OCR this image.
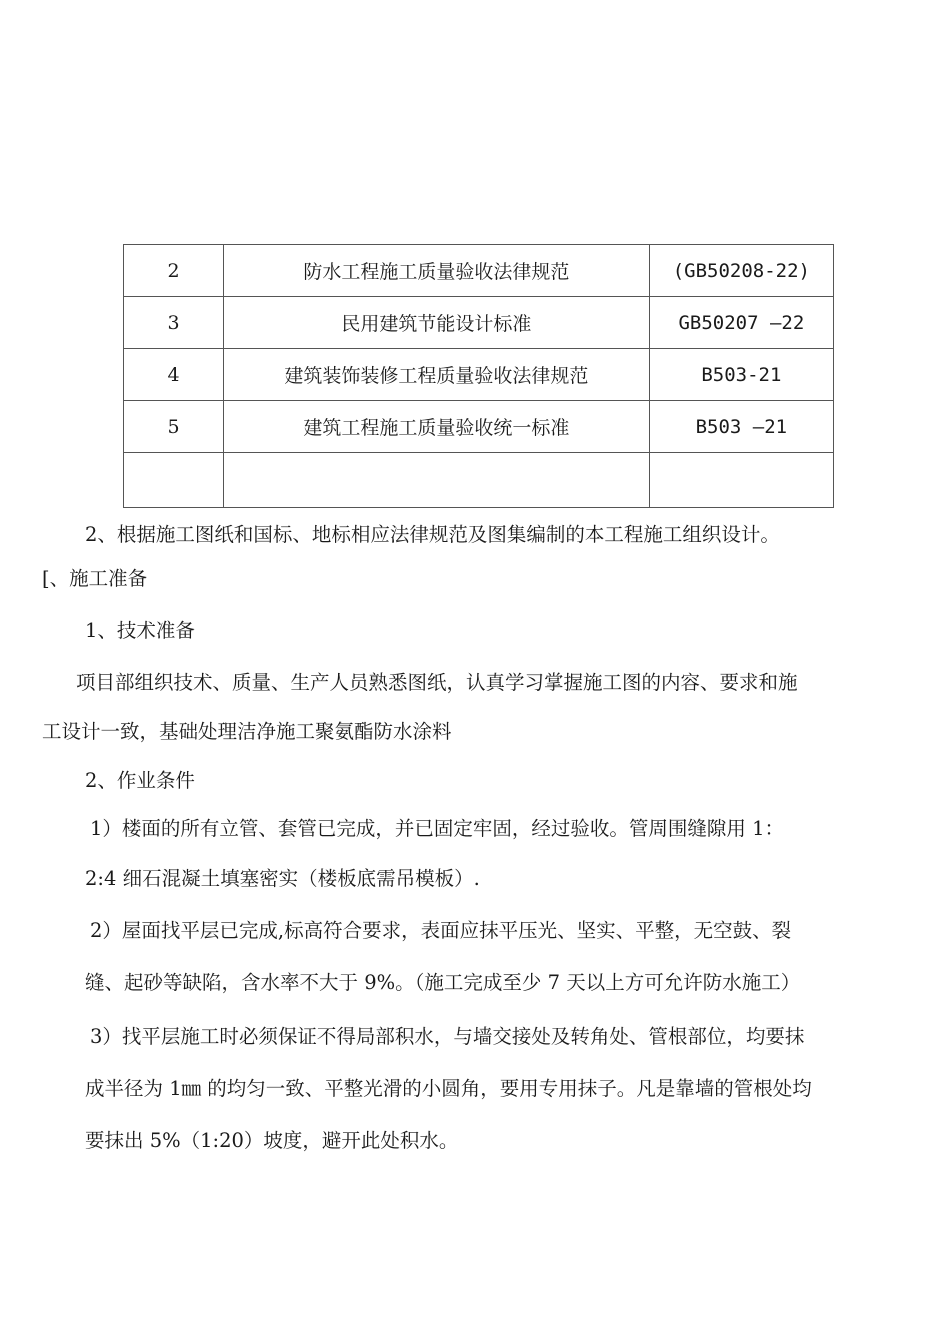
2	防水工程施工质量验收法律规范	(GB50208-22)
3	民用建筑节能设计标准	GB50207 —22
4	建筑装饰装修工程质量验收法律规范	B503-21
5	建筑工程施工质量验收统一标准	B503 —21

2、根据施工图纸和国标、地标相应法律规范及图集编制的本工程施工组织设计。

[、施工准备

1、技术准备

项目部组织技术、质量、生产人员熟悉图纸，认真学习掌握施工图的内容、要求和施

工设计一致，基础处理洁净施工聚氨酯防水涂料

2、作业条件

1）楼面的所有立管、套管已完成，并已固定牢固，经过验收。管周围缝隙用 1：

2:4 细石混凝土填塞密实（楼板底需吊模板）.

2）屋面找平层已完成,标高符合要求，表面应抹平压光、坚实、平整，无空鼓、裂

缝、起砂等缺陷，含水率不大于 9%。（施工完成至少 7 天以上方可允许防水施工）

3）找平层施工时必须保证不得局部积水，与墙交接处及转角处、管根部位，均要抹

成半径为 1㎜ 的均匀一致、平整光滑的小圆角，要用专用抹子。凡是靠墙的管根处均

要抹出 5%（1:20）坡度，避开此处积水。
